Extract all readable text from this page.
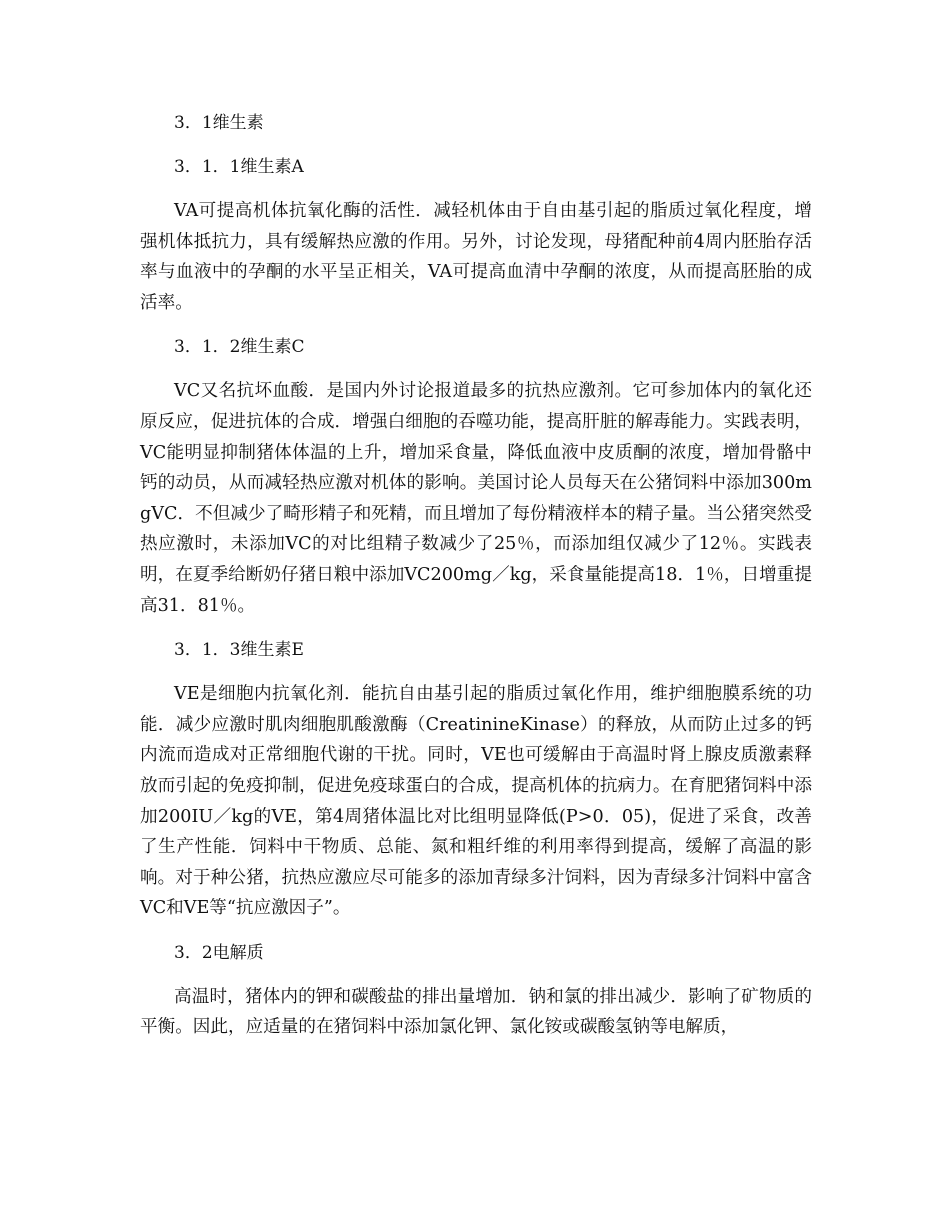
3．1维生素
3．1．1维生素A
VA可提高机体抗氧化酶的活性．减轻机体由于自由基引起的脂质过氧化程度，增强机体抵抗力，具有缓解热应激的作用。另外，讨论发现，母猪配种前4周内胚胎存活率与血液中的孕酮的水平呈正相关，VA可提高血清中孕酮的浓度，从而提高胚胎的成活率。
3．1．2维生素C
VC又名抗坏血酸．是国内外讨论报道最多的抗热应激剂。它可参加体内的氧化还原反应，促进抗体的合成．增强白细胞的吞噬功能，提高肝脏的解毒能力。实践表明，VC能明显抑制猪体体温的上升，增加采食量，降低血液中皮质酮的浓度，增加骨骼中钙的动员，从而减轻热应激对机体的影响。美国讨论人员每天在公猪饲料中添加300mgVC．不但减少了畸形精子和死精，而且增加了每份精液样本的精子量。当公猪突然受热应激时，未添加VC的对比组精子数减少了25％，而添加组仅减少了12％。实践表明，在夏季给断奶仔猪日粮中添加VC200mg／kg，采食量能提高18．1％，日增重提高31．81％。
3．1．3维生素E
VE是细胞内抗氧化剂．能抗自由基引起的脂质过氧化作用，维护细胞膜系统的功能．减少应激时肌肉细胞肌酸激酶（CreatinineKinase）的释放，从而防止过多的钙内流而造成对正常细胞代谢的干扰。同时，VE也可缓解由于高温时肾上腺皮质激素释放而引起的免疫抑制，促进免疫球蛋白的合成，提高机体的抗病力。在育肥猪饲料中添加200IU／kg的VE，第4周猪体温比对比组明显降低(P>0．05)，促进了采食，改善了生产性能．饲料中干物质、总能、氮和粗纤维的利用率得到提高，缓解了高温的影响。对于种公猪，抗热应激应尽可能多的添加青绿多汁饲料，因为青绿多汁饲料中富含VC和VE等“抗应激因子”。
3．2电解质
高温时，猪体内的钾和碳酸盐的排出量增加．钠和氯的排出减少．影响了矿物质的平衡。因此，应适量的在猪饲料中添加氯化钾、氯化铵或碳酸氢钠等电解质，
